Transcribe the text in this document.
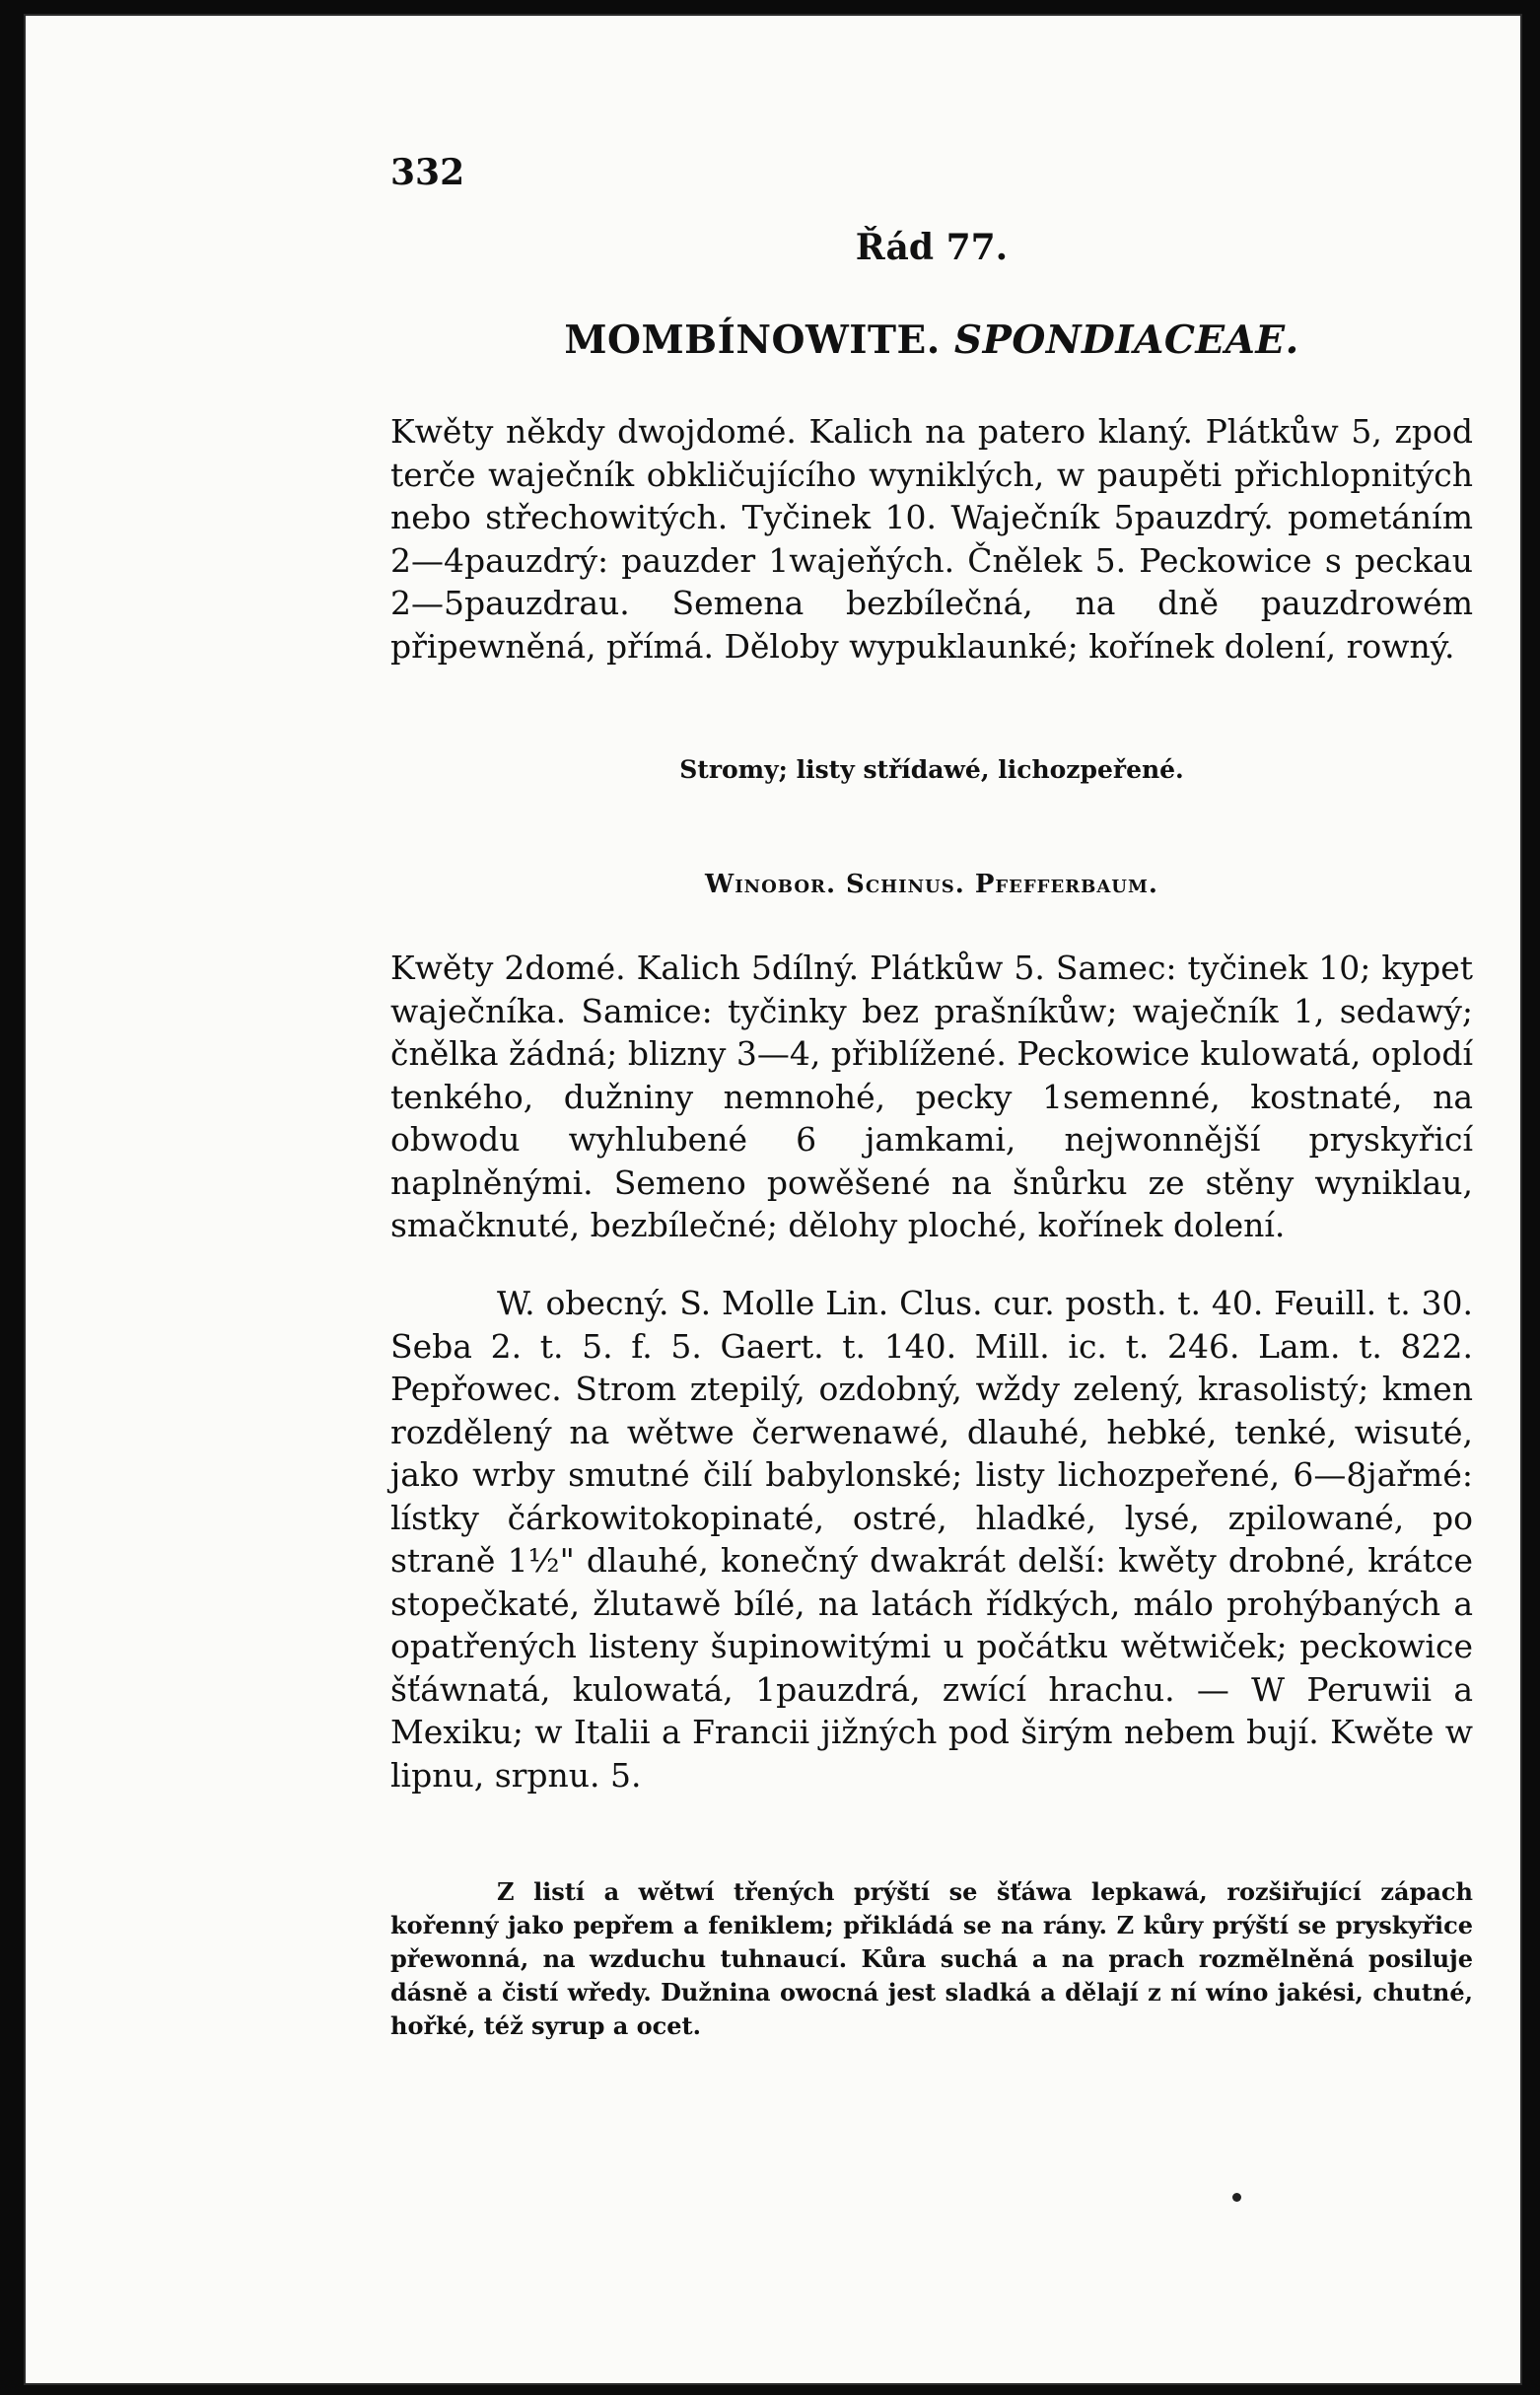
332
Řád 77.
MOMBÍNOWITE. SPONDIACEAE.
Kwěty někdy dwojdomé. Kalich na patero klaný. Plátkůw 5, zpod terče waječník obkličujícího wyniklých, w paupěti přichlopnitých nebo střechowitých. Tyčinek 10. Waječník 5pauzdrý. pometáním 2—4pauzdrý: pauzder 1wajeňých. Čnělek 5. Peckowice s peckau 2—5pauzdrau. Semena bezbílečná, na dně pauzdrowém připewněná, přímá. Děloby wypuklaunké; kořínek dolení, rowný.
Stromy; listy střídawé, lichozpeřené.
Winobor. Schinus. Pfefferbaum.
Kwěty 2domé. Kalich 5dílný. Plátkůw 5. Samec: tyčinek 10; kypet waječníka. Samice: tyčinky bez prašníkůw; waječník 1, sedawý; čnělka žádná; blizny 3—4, přiblížené. Peckowice kulowatá, oplodí tenkého, dužniny nemnohé, pecky 1semenné, kostnaté, na obwodu wyhlubené 6 jamkami, nejwonnější pryskyřicí naplněnými. Semeno powěšené na šnůrku ze stěny wyniklau, smačknuté, bezbílečné; dělohy ploché, kořínek dolení.
W. obecný. S. Molle Lin. Clus. cur. posth. t. 40. Feuill. t. 30. Seba 2. t. 5. f. 5. Gaert. t. 140. Mill. ic. t. 246. Lam. t. 822. Pepřowec. Strom ztepilý, ozdobný, wždy zelený, krasolistý; kmen rozdělený na wětwe čerwenawé, dlauhé, hebké, tenké, wisuté, jako wrby smutné čilí babylonské; listy lichozpeřené, 6—8jařmé: lístky čárkowitokopinaté, ostré, hladké, lysé, zpilowané, po straně 1½" dlauhé, konečný dwakrát delší: kwěty drobné, krátce stopečkaté, žlutawě bílé, na latách řídkých, málo prohýbaných a opatřených listeny šupinowitými u počátku wětwiček; peckowice šťáwnatá, kulowatá, 1pauzdrá, zwící hrachu. — W Peruwii a Mexiku; w Italii a Francii jižných pod širým nebem bují. Kwěte w lipnu, srpnu. 5.
Z listí a wětwí třených prýští se šťáwa lepkawá, rozšiřující zápach kořenný jako pepřem a feniklem; přikládá se na rány. Z kůry prýští se pryskyřice přewonná, na wzduchu tuhnaucí. Kůra suchá a na prach rozmělněná posiluje dásně a čistí wředy. Dužnina owocná jest sladká a dělají z ní wíno jakési, chutné, hořké, též syrup a ocet.
